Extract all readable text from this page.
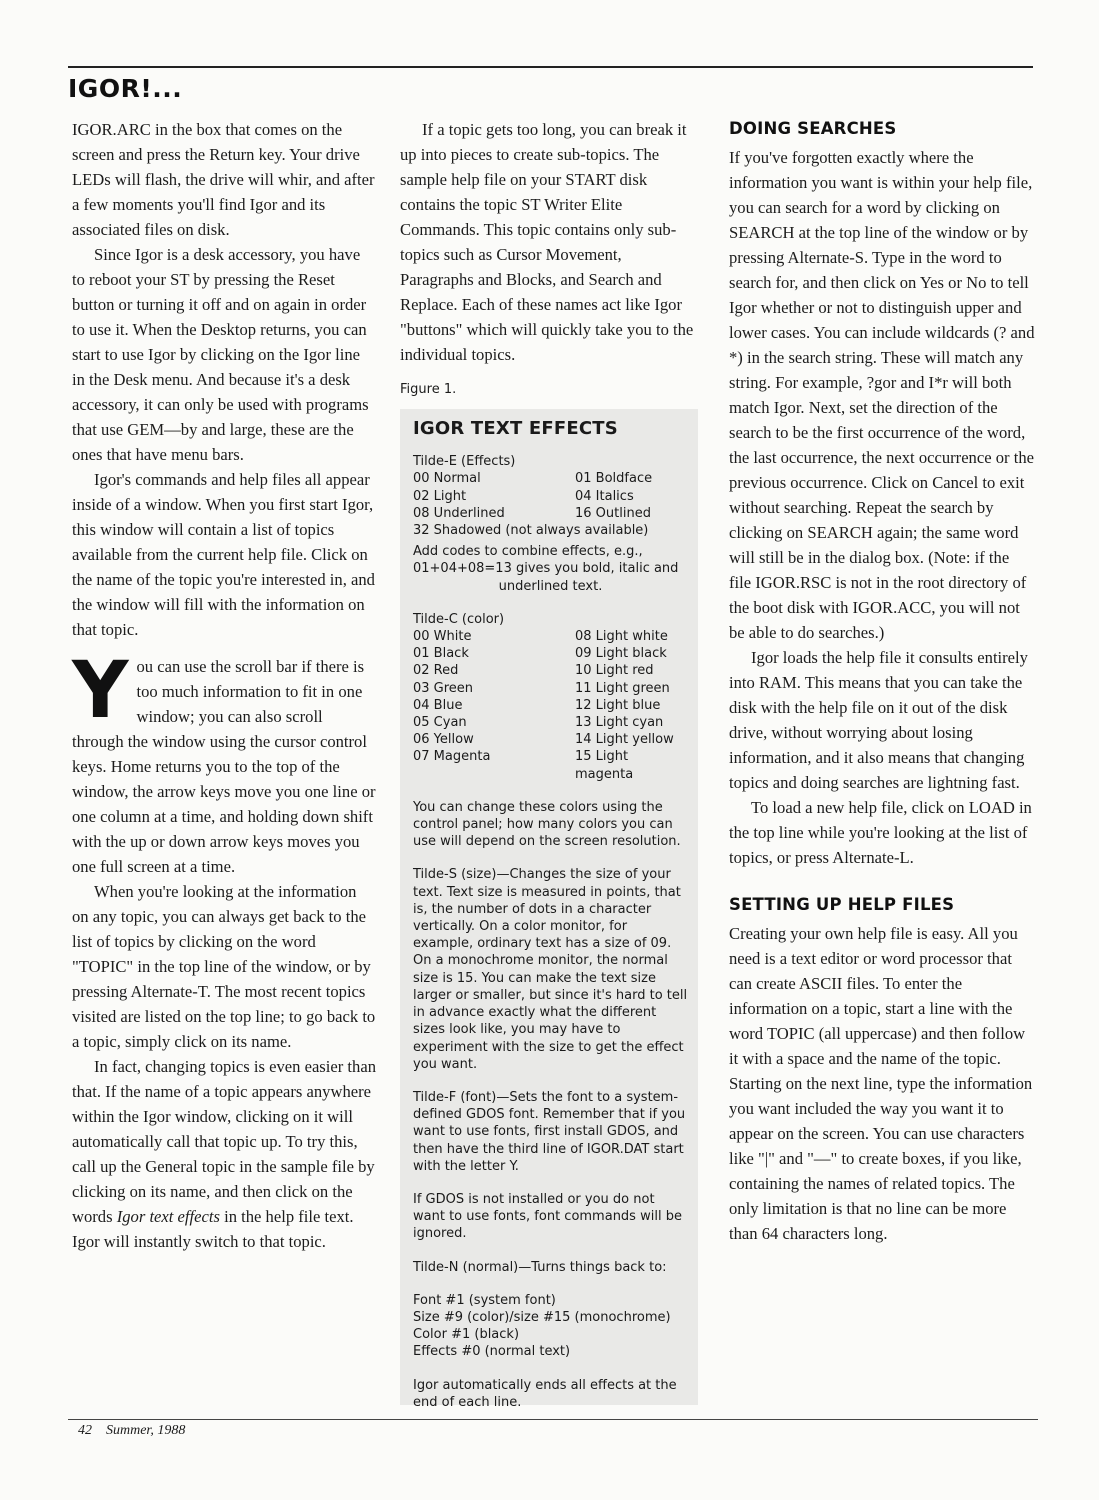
IGOR!...

IGOR.ARC in the box that comes on the screen and press the Return key. Your drive LEDs will flash, the drive will whir, and after a few moments you'll find Igor and its associated files on disk.

Since Igor is a desk accessory, you have to reboot your ST by pressing the Reset button or turning it off and on again in order to use it. When the Desktop returns, you can start to use Igor by clicking on the Igor line in the Desk menu. And because it's a desk accessory, it can only be used with programs that use GEM—by and large, these are the ones that have menu bars.

Igor's commands and help files all appear inside of a window. When you first start Igor, this window will contain a list of topics available from the current help file. Click on the name of the topic you're interested in, and the window will fill with the information on that topic.

You can use the scroll bar if there is too much information to fit in one window; you can also scroll through the window using the cursor control keys. Home returns you to the top of the window, the arrow keys move you one line or one column at a time, and holding down shift with the up or down arrow keys moves you one full screen at a time.

When you're looking at the information on any topic, you can always get back to the list of topics by clicking on the word "TOPIC" in the top line of the window, or by pressing Alternate-T. The most recent topics visited are listed on the top line; to go back to a topic, simply click on its name.

In fact, changing topics is even easier than that. If the name of a topic appears anywhere within the Igor window, clicking on it will automatically call that topic up. To try this, call up the General topic in the sample file by clicking on its name, and then click on the words Igor text effects in the help file text. Igor will instantly switch to that topic.

If a topic gets too long, you can break it up into pieces to create sub-topics. The sample help file on your START disk contains the topic ST Writer Elite Commands. This topic contains only sub-topics such as Cursor Movement, Paragraphs and Blocks, and Search and Replace. Each of these names act like Igor "buttons" which will quickly take you to the individual topics.

Figure 1.

IGOR TEXT EFFECTS
Tilde-E (Effects)
00 Normal	01 Boldface
02 Light	04 Italics
08 Underlined	16 Outlined
32 Shadowed (not always available)
Add codes to combine effects, e.g.,
01+04+08=13 gives you bold, italic and
underlined text.
Tilde-C (color)
00 White	08 Light white
01 Black	09 Light black
02 Red	10 Light red
03 Green	11 Light green
04 Blue	12 Light blue
05 Cyan	13 Light cyan
06 Yellow	14 Light yellow
07 Magenta	15 Light magenta
You can change these colors using the control panel; how many colors you can use will depend on the screen resolution.
Tilde-S (size)—Changes the size of your text. Text size is measured in points, that is, the number of dots in a character vertically. On a color monitor, for example, ordinary text has a size of 09. On a monochrome monitor, the normal size is 15. You can make the text size larger or smaller, but since it's hard to tell in advance exactly what the different sizes look like, you may have to experiment with the size to get the effect you want.
Tilde-F (font)—Sets the font to a system-defined GDOS font. Remember that if you want to use fonts, first install GDOS, and then have the third line of IGOR.DAT start with the letter Y.
If GDOS is not installed or you do not want to use fonts, font commands will be ignored.
Tilde-N (normal)—Turns things back to:
Font #1 (system font)
Size #9 (color)/size #15 (monochrome)
Color #1 (black)
Effects #0 (normal text)
Igor automatically ends all effects at the end of each line.
DOING SEARCHES

If you've forgotten exactly where the information you want is within your help file, you can search for a word by clicking on SEARCH at the top line of the window or by pressing Alternate-S. Type in the word to search for, and then click on Yes or No to tell Igor whether or not to distinguish upper and lower cases. You can include wildcards (? and *) in the search string. These will match any string. For example, ?gor and I*r will both match Igor. Next, set the direction of the search to be the first occurrence of the word, the last occurrence, the next occurrence or the previous occurrence. Click on Cancel to exit without searching. Repeat the search by clicking on SEARCH again; the same word will still be in the dialog box. (Note: if the file IGOR.RSC is not in the root directory of the boot disk with IGOR.ACC, you will not be able to do searches.)

Igor loads the help file it consults entirely into RAM. This means that you can take the disk with the help file on it out of the disk drive, without worrying about losing information, and it also means that changing topics and doing searches are lightning fast.

To load a new help file, click on LOAD in the top line while you're looking at the list of topics, or press Alternate-L.

SETTING UP HELP FILES

Creating your own help file is easy. All you need is a text editor or word processor that can create ASCII files. To enter the information on a topic, start a line with the word TOPIC (all uppercase) and then follow it with a space and the name of the topic. Starting on the next line, type the information you want included the way you want it to appear on the screen. You can use characters like "|" and "—" to create boxes, if you like, containing the names of related topics. The only limitation is that no line can be more than 64 characters long.

42 Summer, 1988
